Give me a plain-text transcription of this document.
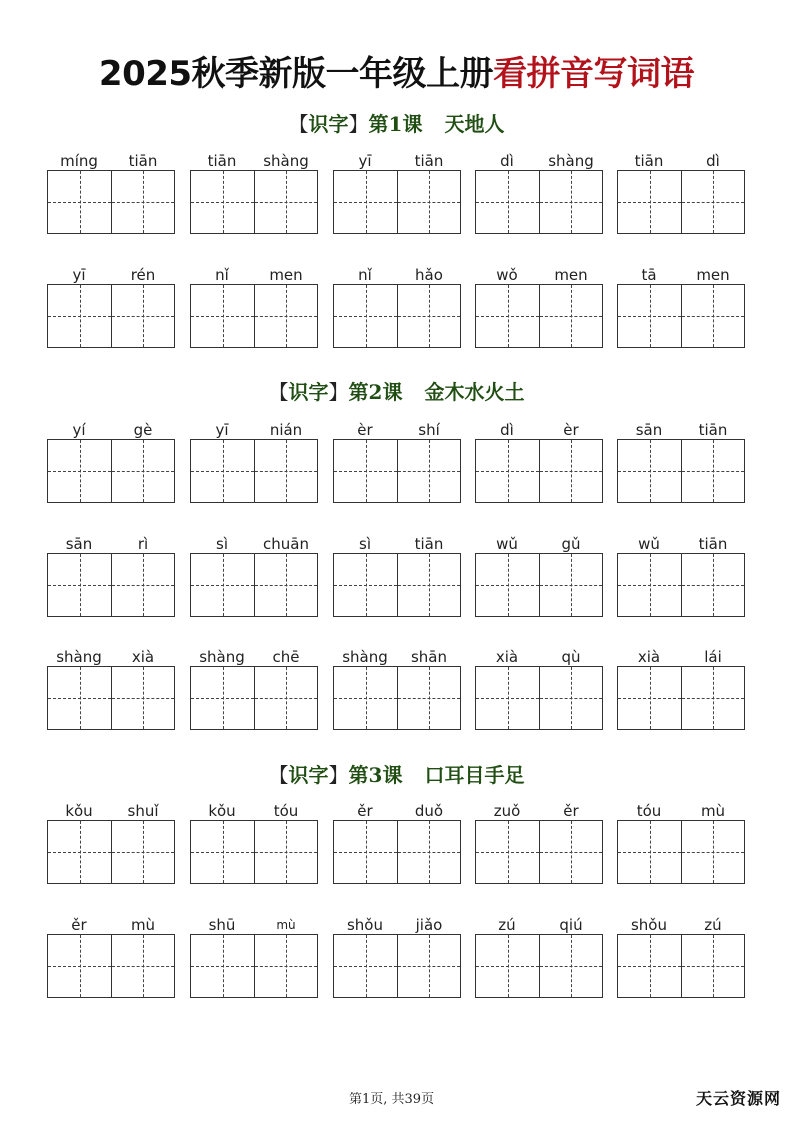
2025秋季新版一年级上册看拼音写词语
【识字】第1课 天地人
【识字】第2课 金木水火土
【识字】第3课 口耳目手足
míng	tiān	tiān	shàng	yī	tiān	dì	shàng	tiān	dì
yī	rén	nǐ	men	nǐ	hǎo	wǒ	men	tā	men
yí	gè	yī	nián	èr	shí	dì	èr	sān	tiān
sān	rì	sì	chuān	sì	tiān	wǔ	gǔ	wǔ	tiān
shàng	xià	shàng	chē	shàng	shān	xià	qù	xià	lái
kǒu	shuǐ	kǒu	tóu	ěr	duǒ	zuǒ	ěr	tóu	mù
ěr	mù	shū	mù	shǒu	jiǎo	zú	qiú	shǒu	zú
第1页, 共39页	天云资源网
